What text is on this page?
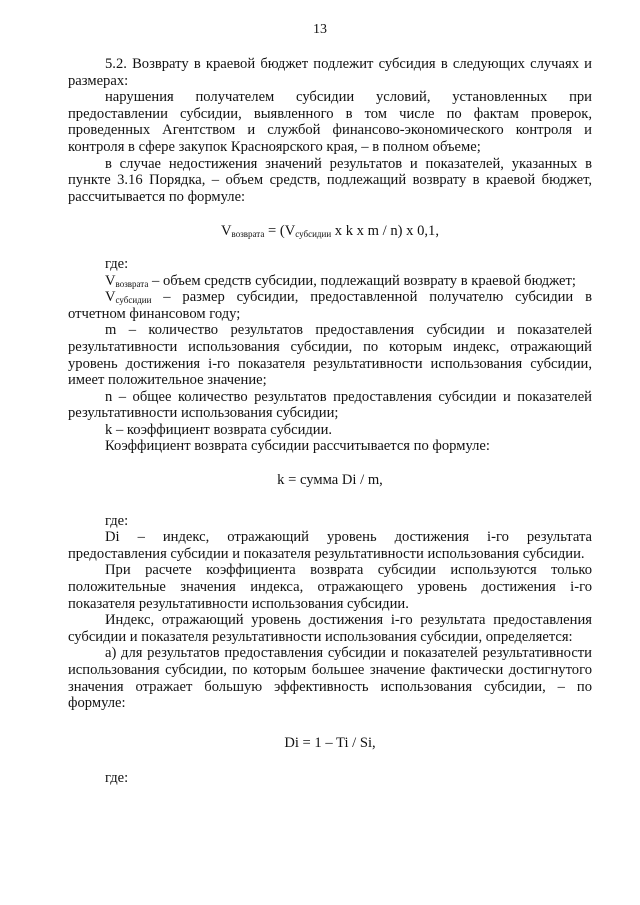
13

5.2. Возврату в краевой бюджет подлежит субсидия в следующих случаях и размерах:

нарушения получателем субсидии условий, установленных при предоставлении субсидии, выявленного в том числе по фактам проверок, проведенных Агентством и службой финансово-экономического контроля и контроля в сфере закупок Красноярского края, – в полном объеме;

в случае недостижения значений результатов и показателей, указанных в пункте 3.16 Порядка, – объем средств, подлежащий возврату в краевой бюджет, рассчитывается по формуле:

$V_{возврата} = (V_{субсидии}$ x k x m / n) x 0,1,

где:

$V_{возврата}$ – объем средств субсидии, подлежащий возврату в краевой бюджет;

$V_{субсидии}$ – размер субсидии, предоставленной получателю субсидии в отчетном финансовом году;

m – количество результатов предоставления субсидии и показателей результативности использования субсидии, по которым индекс, отражающий уровень достижения i-го показателя результативности использования субсидии, имеет положительное значение;

n – общее количество результатов предоставления субсидии и показателей результативности использования субсидии;

k – коэффициент возврата субсидии.

Коэффициент возврата субсидии рассчитывается по формуле:

k = сумма Di / m,

где:

Di – индекс, отражающий уровень достижения i-го результата предоставления субсидии и показателя результативности использования субсидии.

При расчете коэффициента возврата субсидии используются только положительные значения индекса, отражающего уровень достижения i-го показателя результативности использования субсидии.

Индекс, отражающий уровень достижения i-го результата предоставления субсидии и показателя результативности использования субсидии, определяется:

а) для результатов предоставления субсидии и показателей результативности использования субсидии, по которым большее значение фактически достигнутого значения отражает большую эффективность использования субсидии, – по формуле:

Di = 1 – Ti / Si,

где:
